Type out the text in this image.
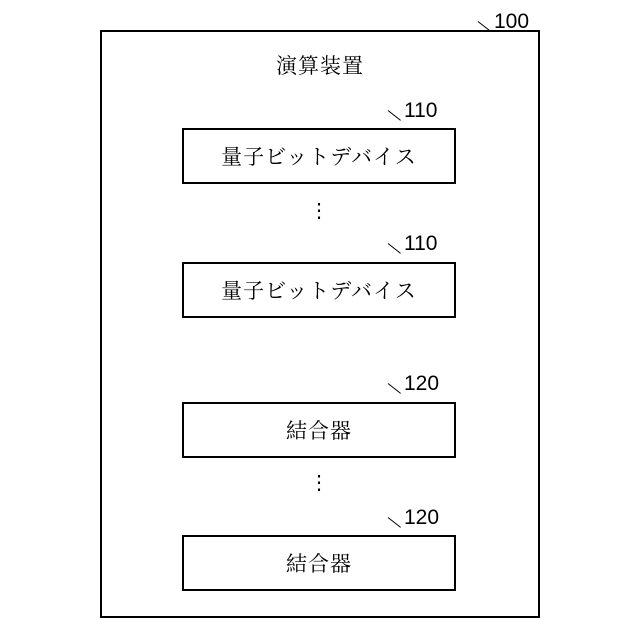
演算装置
100
量子ビットデバイス
110
⋮
量子ビットデバイス
110
結合器
120
⋮
結合器
120
